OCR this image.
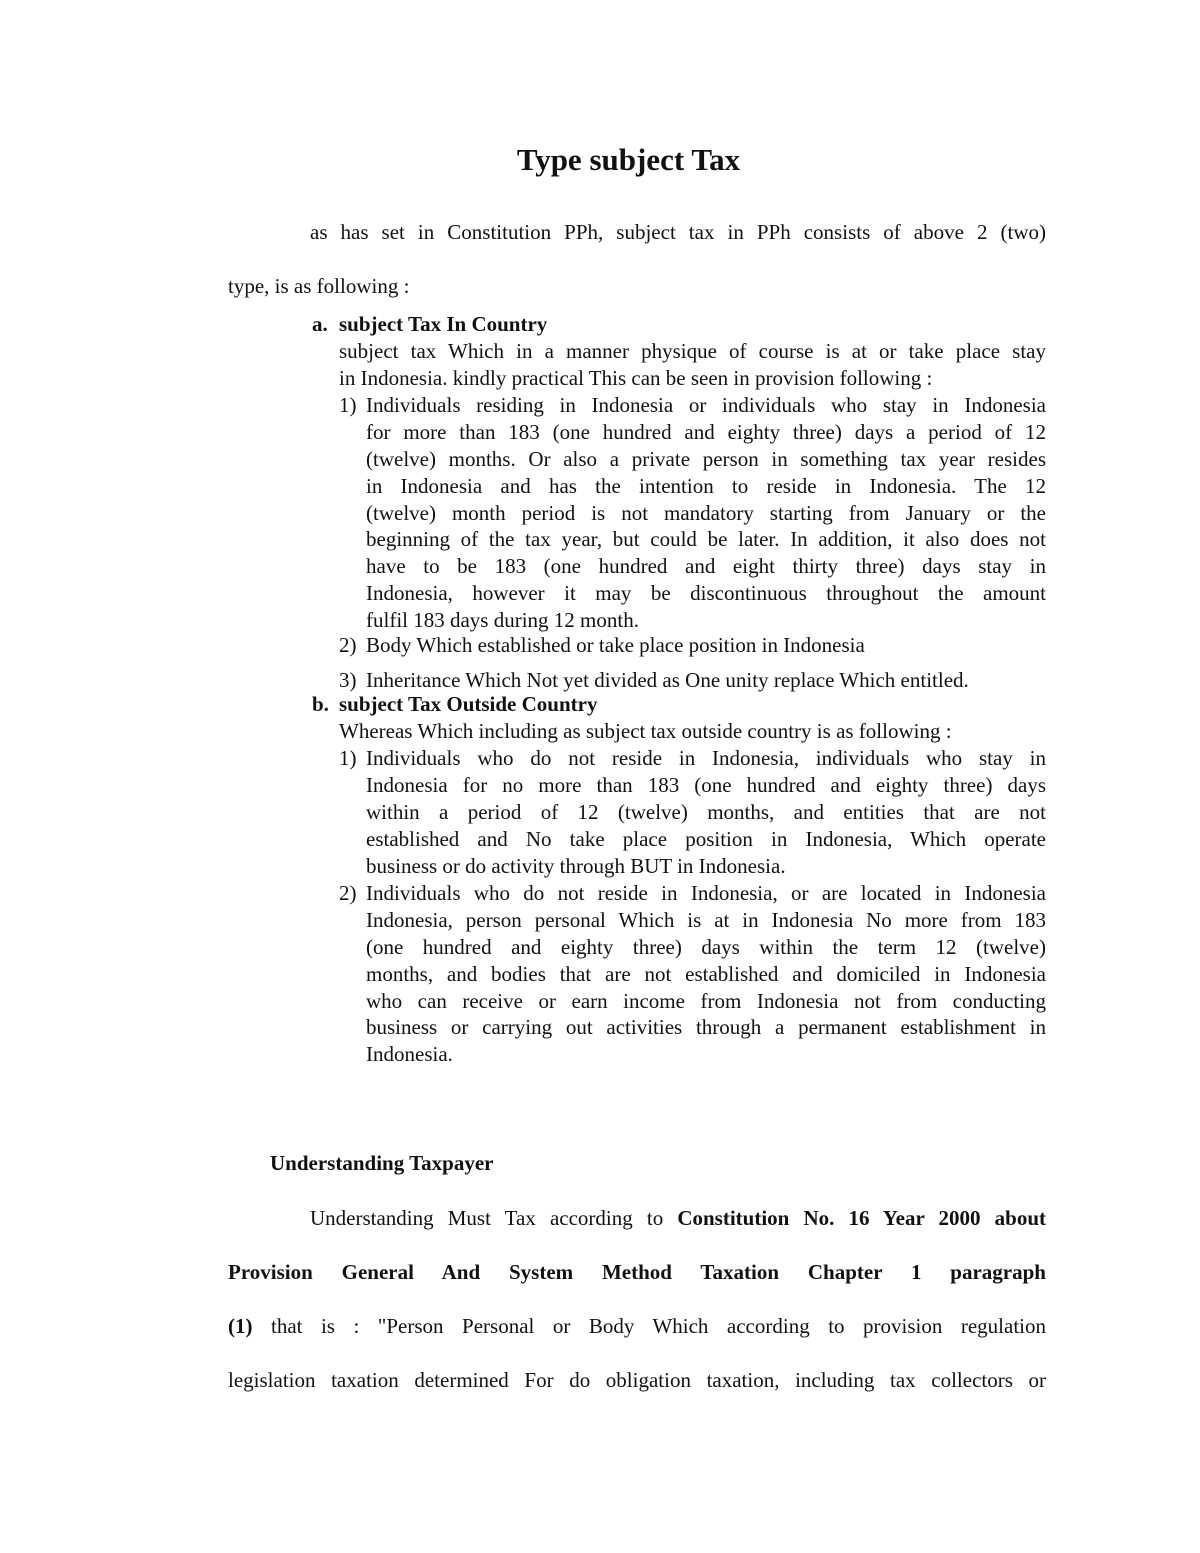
Type subject Tax
as has set in Constitution PPh, subject tax in PPh consists of above 2 (two)
type, is as following :
a. subject Tax In Country
subject tax Which in a manner physique of course is at or take place stay
in Indonesia. kindly practical This can be seen in provision following :
1) Individuals residing in Indonesia or individuals who stay in Indonesia
for more than 183 (one hundred and eighty three) days a period of 12
(twelve) months. Or also a private person in something tax year resides
in Indonesia and has the intention to reside in Indonesia. The 12
(twelve) month period is not mandatory starting from January or the
beginning of the tax year, but could be later. In addition, it also does not
have to be 183 (one hundred and eight thirty three) days stay in
Indonesia, however it may be discontinuous throughout the amount
fulfil 183 days during 12 month.
2) Body Which established or take place position in Indonesia
3) Inheritance Which Not yet divided as One unity replace Which entitled.
b. subject Tax Outside Country
Whereas Which including as subject tax outside country is as following :
1) Individuals who do not reside in Indonesia, individuals who stay in
Indonesia for no more than 183 (one hundred and eighty three) days
within a period of 12 (twelve) months, and entities that are not
established and No take place position in Indonesia, Which operate
business or do activity through BUT in Indonesia.
2) Individuals who do not reside in Indonesia, or are located in Indonesia
Indonesia, person personal Which is at in Indonesia No more from 183
(one hundred and eighty three) days within the term 12 (twelve)
months, and bodies that are not established and domiciled in Indonesia
who can receive or earn income from Indonesia not from conducting
business or carrying out activities through a permanent establishment in
Indonesia.
Understanding Taxpayer
Understanding Must Tax according to Constitution No. 16 Year 2000 about
Provision General And System Method Taxation Chapter 1 paragraph
(1) that is : "Person Personal or Body Which according to provision regulation
legislation taxation determined For do obligation taxation, including tax collectors or
